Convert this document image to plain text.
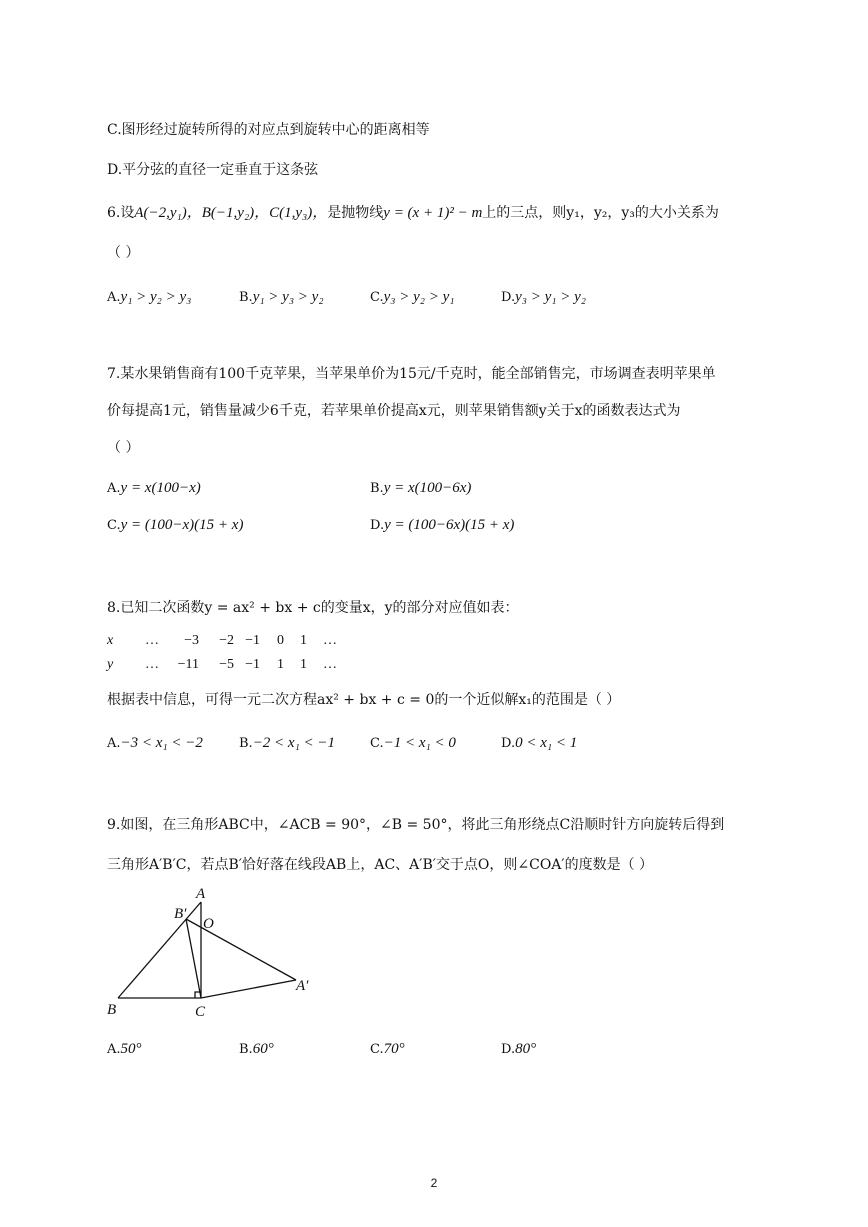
C.图形经过旋转所得的对应点到旋转中心的距离相等
D.平分弦的直径一定垂直于这条弦
6.设A(−2,y₁)，B(−1,y₂)，C(1,y₃)，是抛物线y = (x + 1)² − m上的三点，则y₁，y₂，y₃的大小关系为
（ ）
A.y₁ > y₂ > y₃	B.y₁ > y₃ > y₂	C.y₃ > y₂ > y₁	D.y₃ > y₁ > y₂
7.某水果销售商有100千克苹果，当苹果单价为15元/千克时，能全部销售完，市场调查表明苹果单
价每提高1元，销售量减少6千克，若苹果单价提高x元，则苹果销售额y关于x的函数表达式为
（ ）
A.y = x(100−x)	B.y = x(100−6x)
C.y = (100−x)(15 + x)	D.y = (100−6x)(15 + x)
8.已知二次函数y = ax² + bx + c的变量x，y的部分对应值如表：
x	…	−3	−2	−1	0	1	…
y	…	−11	−5	−1	1	1	…
根据表中信息，可得一元二次方程ax² + bx + c = 0的一个近似解x₁的范围是（ ）
A.−3 < x₁ < −2	B.−2 < x₁ < −1	C.−1 < x₁ < 0	D.0 < x₁ < 1
9.如图，在三角形ABC中，∠ACB = 90°，∠B = 50°，将此三角形绕点C沿顺时针方向旋转后得到
三角形A′B′C，若点B′恰好落在线段AB上，AC、A′B′交于点O，则∠COA′的度数是（ ）
A
B′
O
A′
B	C
A.50°	B.60°	C.70°	D.80°
2
